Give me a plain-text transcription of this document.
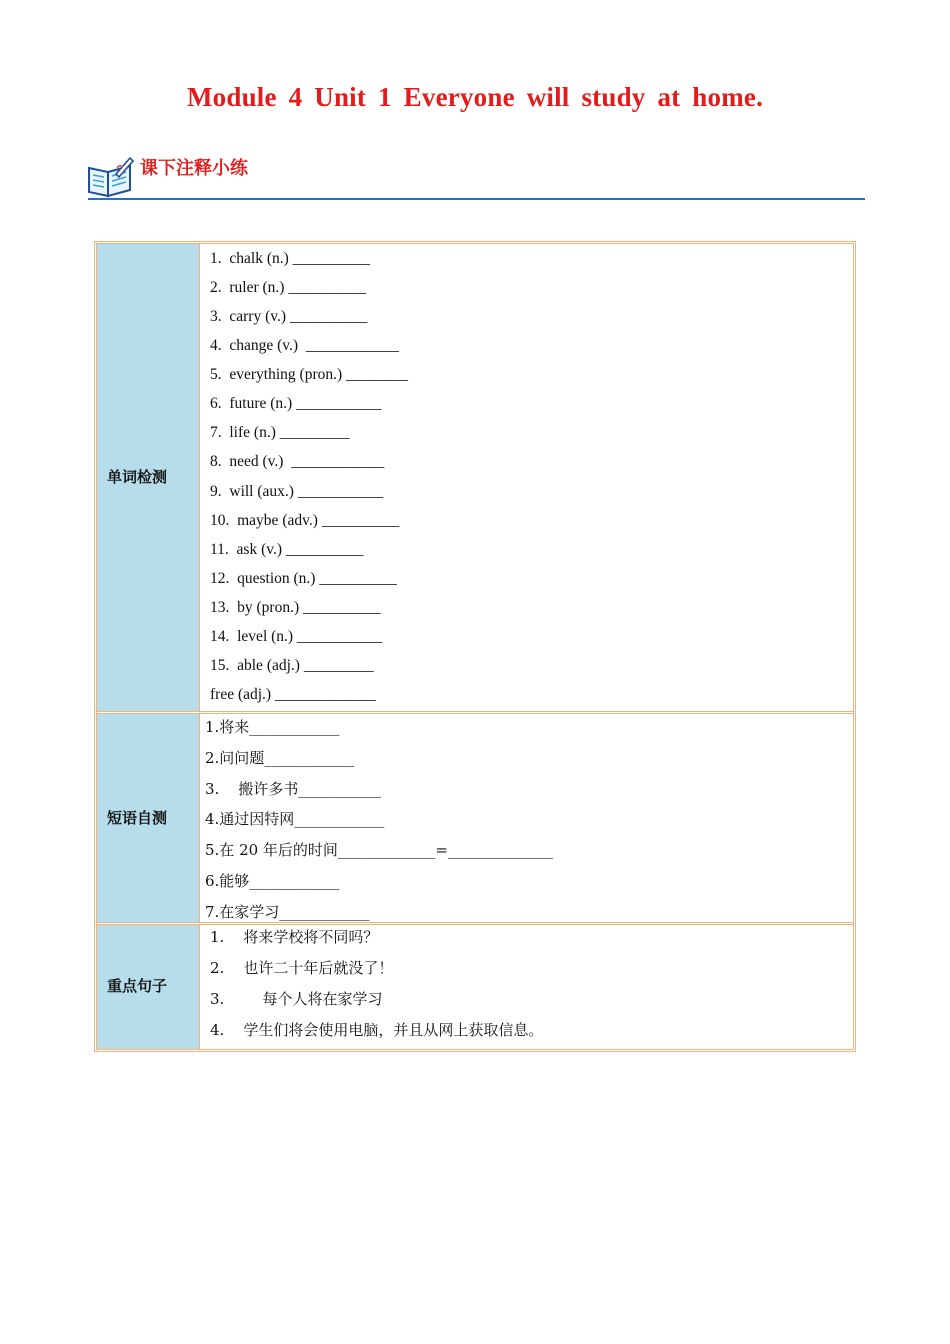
Module 4 Unit 1 Everyone will study at home.
课下注释小练
单词检测
1.  chalk (n.) __________
2.  ruler (n.) __________
3.  carry (v.) __________
4.  change (v.)  ____________
5.  everything (pron.) ________
6.  future (n.) ___________
7.  life (n.) _________
8.  need (v.)  ____________
9.  will (aux.) ___________
10.  maybe (adv.) __________
11.  ask (v.) __________
12.  question (n.) __________
13.  by (pron.) __________
14.  level (n.) ___________
15.  able (adj.) _________
free (adj.) _____________
短语自测
1.将来____________
2.问问题____________
3.    搬许多书___________
4.通过因特网____________
5.在 20 年后的时间_____________=______________
6.能够____________
7.在家学习____________
重点句子
1.    将来学校将不同吗？
2.    也许二十年后就没了！
3.        每个人将在家学习
4.    学生们将会使用电脑，并且从网上获取信息。
